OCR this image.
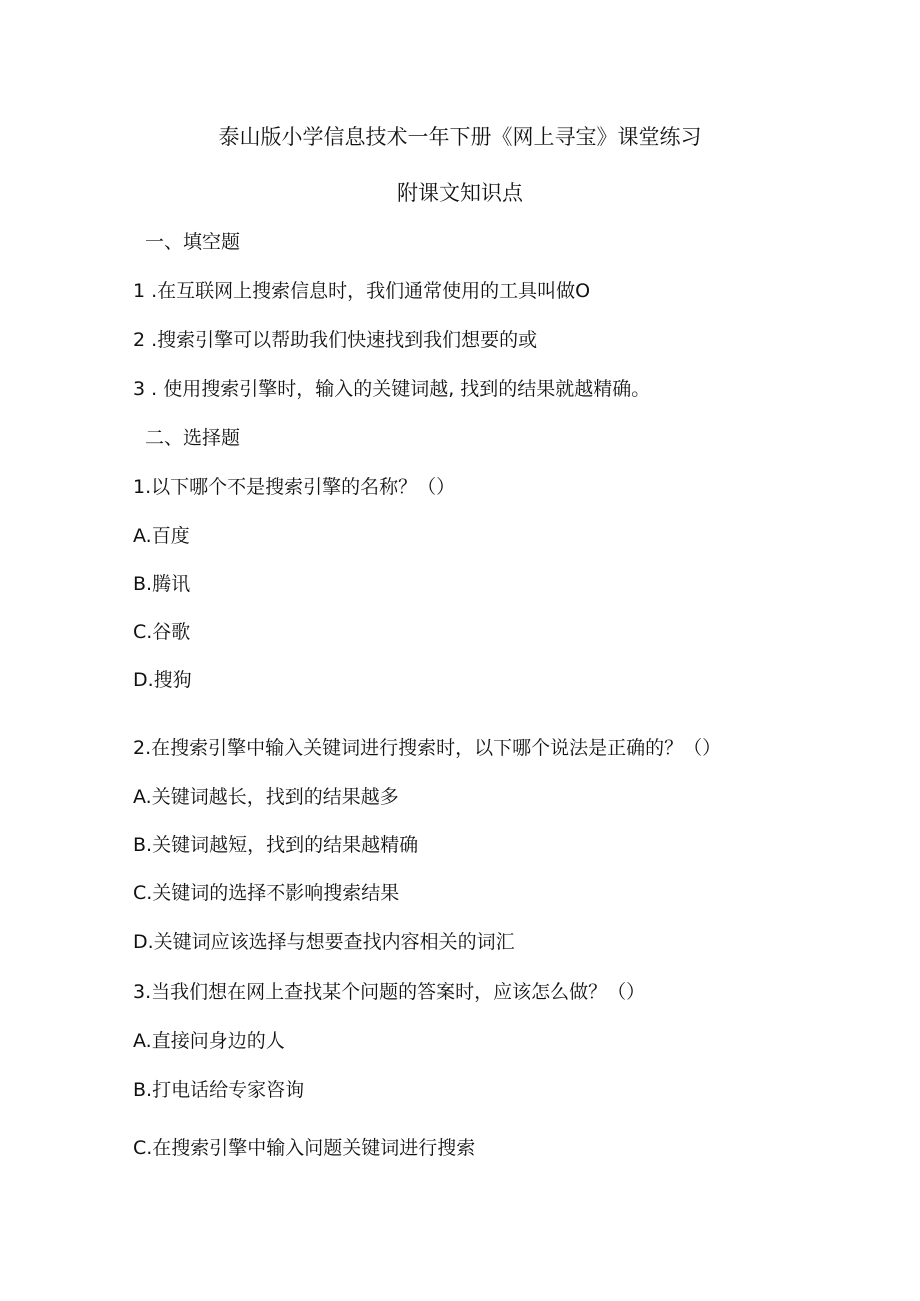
泰山版小学信息技术一年下册《网上寻宝》课堂练习
附课文知识点
一、填空题
1 .在互联网上搜索信息时，我们通常使用的工具叫做O
2 .搜索引擎可以帮助我们快速找到我们想要的或
3 . 使用搜索引擎时，输入的关键词越, 找到的结果就越精确。
二、选择题
1.以下哪个不是搜索引擎的名称？（）
A.百度
B.腾讯
C.谷歌
D.搜狗
2.在搜索引擎中输入关键词进行搜索时，以下哪个说法是正确的？（）
A.关键词越长，找到的结果越多
B.关键词越短，找到的结果越精确
C.关键词的选择不影响搜索结果
D.关键词应该选择与想要查找内容相关的词汇
3.当我们想在网上查找某个问题的答案时，应该怎么做？（）
A.直接问身边的人
B.打电话给专家咨询
C.在搜索引擎中输入问题关键词进行搜索
